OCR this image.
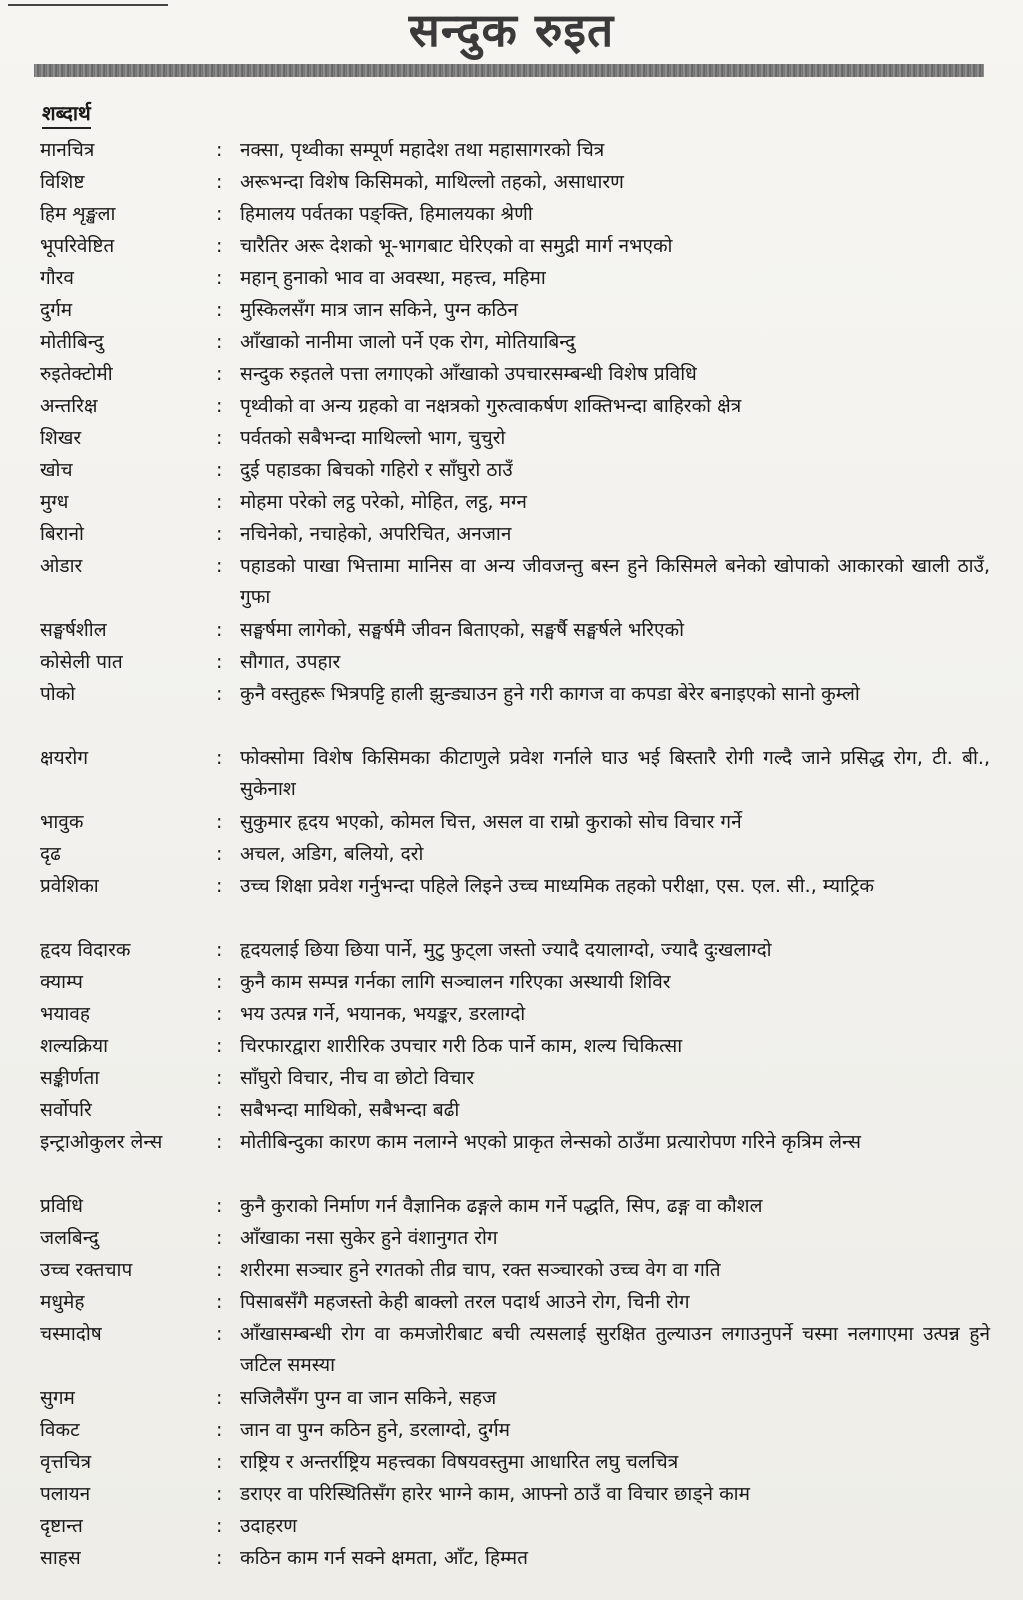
सन्दुक रुइत
शब्दार्थ
मानचित्र	: नक्सा, पृथ्वीका सम्पूर्ण महादेश तथा महासागरको चित्र
विशिष्ट	: अरूभन्दा विशेष किसिमको, माथिल्लो तहको, असाधारण
हिम शृङ्खला	: हिमालय पर्वतका पङ्क्ति, हिमालयका श्रेणी
भूपरिवेष्टित	: चारैतिर अरू देशको भू-भागबाट घेरिएको वा समुद्री मार्ग नभएको
गौरव	: महान् हुनाको भाव वा अवस्था, महत्त्व, महिमा
दुर्गम	: मुस्किलसँग मात्र जान सकिने, पुग्न कठिन
मोतीबिन्दु	: आँखाको नानीमा जालो पर्ने एक रोग, मोतियाबिन्दु
रुइतेक्टोमी	: सन्दुक रुइतले पत्ता लगाएको आँखाको उपचारसम्बन्धी विशेष प्रविधि
अन्तरिक्ष	: पृथ्वीको वा अन्य ग्रहको वा नक्षत्रको गुरुत्वाकर्षण शक्तिभन्दा बाहिरको क्षेत्र
शिखर	: पर्वतको सबैभन्दा माथिल्लो भाग, चुचुरो
खोच	: दुई पहाडका बिचको गहिरो र साँघुरो ठाउँ
मुग्ध	: मोहमा परेको लट्ठ परेको, मोहित, लट्ठ, मग्न
बिरानो	: नचिनेको, नचाहेको, अपरिचित, अनजान
ओडार	: पहाडको पाखा भित्तामा मानिस वा अन्य जीवजन्तु बस्न हुने किसिमले बनेको खोपाको आकारको खाली ठाउँ, गुफा
सङ्घर्षशील	: सङ्घर्षमा लागेको, सङ्घर्षमै जीवन बिताएको, सङ्घर्षै सङ्घर्षले भरिएको
कोसेली पात	: सौगात, उपहार
पोको	: कुनै वस्तुहरू भित्रपट्टि हाली झुन्ड्याउन हुने गरी कागज वा कपडा बेरेर बनाइएको सानो कुम्लो
क्षयरोग	: फोक्सोमा विशेष किसिमका कीटाणुले प्रवेश गर्नाले घाउ भई बिस्तारै रोगी गल्दै जाने प्रसिद्ध रोग, टी. बी., सुकेनाश
भावुक	: सुकुमार हृदय भएको, कोमल चित्त, असल वा राम्रो कुराको सोच विचार गर्ने
दृढ	: अचल, अडिग, बलियो, दरो
प्रवेशिका	: उच्च शिक्षा प्रवेश गर्नुभन्दा पहिले लिइने उच्च माध्यमिक तहको परीक्षा, एस. एल. सी., म्याट्रिक
हृदय विदारक	: हृदयलाई छिया छिया पार्ने, मुटु फुट्ला जस्तो ज्यादै दयालाग्दो, ज्यादै दुःखलाग्दो
क्याम्प	: कुनै काम सम्पन्न गर्नका लागि सञ्चालन गरिएका अस्थायी शिविर
भयावह	: भय उत्पन्न गर्ने, भयानक, भयङ्कर, डरलाग्दो
शल्यक्रिया	: चिरफारद्वारा शारीरिक उपचार गरी ठिक पार्ने काम, शल्य चिकित्सा
सङ्कीर्णता	: साँघुरो विचार, नीच वा छोटो विचार
सर्वोपरि	: सबैभन्दा माथिको, सबैभन्दा बढी
इन्ट्राओकुलर लेन्स	: मोतीबिन्दुका कारण काम नलाग्ने भएको प्राकृत लेन्सको ठाउँमा प्रत्यारोपण गरिने कृत्रिम लेन्स
प्रविधि	: कुनै कुराको निर्माण गर्न वैज्ञानिक ढङ्गले काम गर्ने पद्धति, सिप, ढङ्ग वा कौशल
जलबिन्दु	: आँखाका नसा सुकेर हुने वंशानुगत रोग
उच्च रक्तचाप	: शरीरमा सञ्चार हुने रगतको तीव्र चाप, रक्त सञ्चारको उच्च वेग वा गति
मधुमेह	: पिसाबसँगै महजस्तो केही बाक्लो तरल पदार्थ आउने रोग, चिनी रोग
चस्मादोष	: आँखासम्बन्धी रोग वा कमजोरीबाट बची त्यसलाई सुरक्षित तुल्याउन लगाउनुपर्ने चस्मा नलगाएमा उत्पन्न हुने जटिल समस्या
सुगम	: सजिलैसँग पुग्न वा जान सकिने, सहज
विकट	: जान वा पुग्न कठिन हुने, डरलाग्दो, दुर्गम
वृत्तचित्र	: राष्ट्रिय र अन्तर्राष्ट्रिय महत्त्वका विषयवस्तुमा आधारित लघु चलचित्र
पलायन	: डराएर वा परिस्थितिसँग हारेर भाग्ने काम, आफ्नो ठाउँ वा विचार छाड्ने काम
दृष्टान्त	: उदाहरण
साहस	: कठिन काम गर्न सक्ने क्षमता, आँट, हिम्मत
